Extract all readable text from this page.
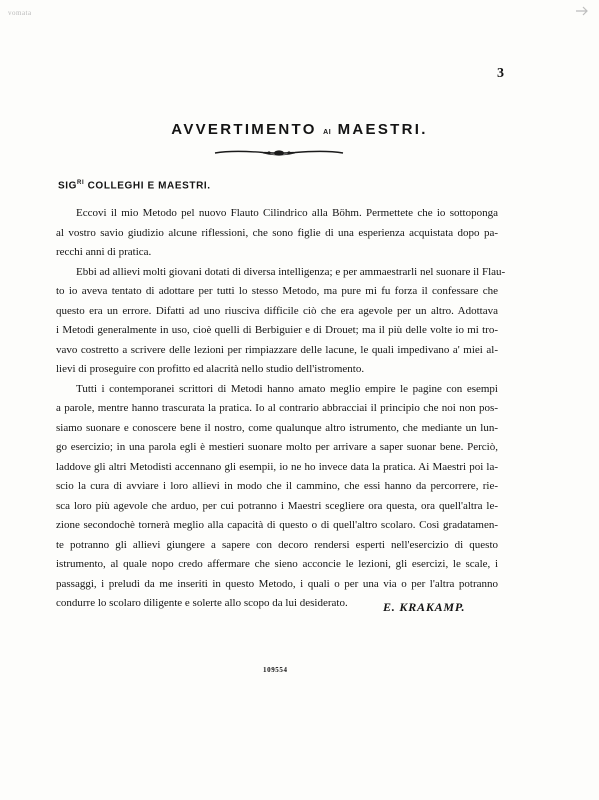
vomata
3
AVVERTIMENTO AI MAESTRI.
$SIG^{RI}$ COLLEGHI E MAESTRI.
Eccovi il mio Metodo pel nuovo Flauto Cilindrico alla Böhm. Permettete che io sottoponga
al vostro savio giudizio alcune riflessioni, che sono figlie di una esperienza acquistata dopo pa-
recchi anni di pratica.
Ebbi ad allievi molti giovani dotati di diversa intelligenza; e per ammaestrarli nel suonare il Flau-
to io aveva tentato di adottare per tutti lo stesso Metodo, ma pure mi fu forza il confessare che
questo era un errore. Difatti ad uno riusciva difficile ciò che era agevole per un altro. Adottava
i Metodi generalmente in uso, cioè quelli di Berbiguier e di Drouet; ma il più delle volte io mi tro-
vavo costretto a scrivere delle lezioni per rimpiazzare delle lacune, le quali impedivano a' miei al-
lievi di proseguire con profitto ed alacrità nello studio dell'istromento.
Tutti i contemporanei scrittori di Metodi hanno amato meglio empire le pagine con esempi
a parole, mentre hanno trascurata la pratica. Io al contrario abbracciai il principio che noi non pos-
siamo suonare e conoscere bene il nostro, come qualunque altro istrumento, che mediante un lun-
go esercizio; in una parola egli è mestieri suonare molto per arrivare a saper suonar bene. Perciò,
laddove gli altri Metodisti accennano gli esempii, io ne ho invece data la pratica. Ai Maestri poi la-
scio la cura di avviare i loro allievi in modo che il cammino, che essi hanno da percorrere, rie-
sca loro più agevole che arduo, per cui potranno i Maestri scegliere ora questa, ora quell'altra le-
zione secondochè tornerà meglio alla capacità di questo o di quell'altro scolaro. Così gradatamen-
te potranno gli allievi giungere a sapere con decoro rendersi esperti nell'esercizio di questo
istrumento, al quale nopo credo affermare che sieno acconcie le lezioni, gli esercizi, le scale, i
passaggi, i preludi da me inseriti in questo Metodo, i quali o per una via o per l'altra potranno
condurre lo scolaro diligente e solerte allo scopo da lui desiderato.	E. KRAKAMP.
109554
